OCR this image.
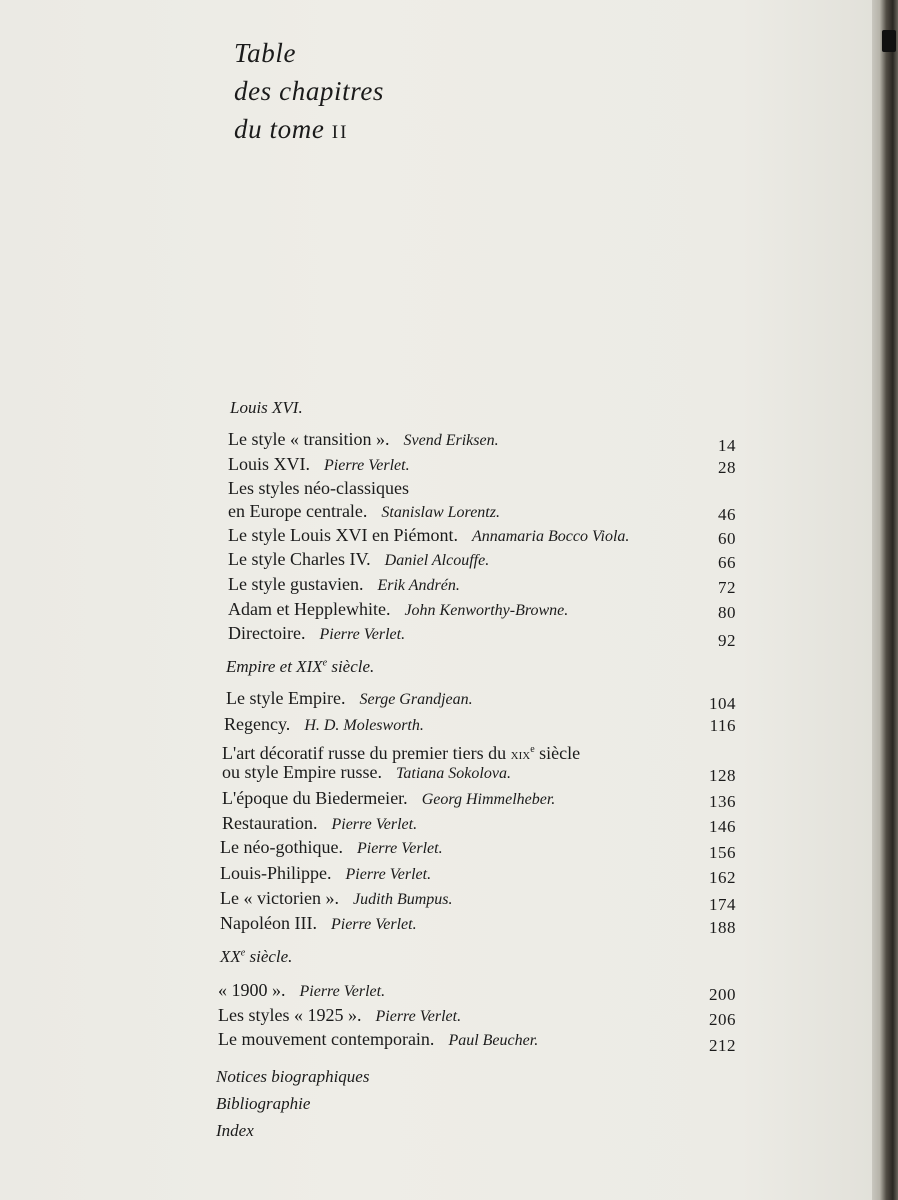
Table
des chapitres
du tome II
Louis XVI.
Le style « transition ». Svend Eriksen.	14
Louis XVI. Pierre Verlet.	28
Les styles néo-classiques
en Europe centrale. Stanislaw Lorentz.	46
Le style Louis XVI en Piémont. Annamaria Bocco Viola.	60
Le style Charles IV. Daniel Alcouffe.	66
Le style gustavien. Erik Andrén.	72
Adam et Hepplewhite. John Kenworthy-Browne.	80
Directoire. Pierre Verlet.	92
Empire et XIXe siècle.
Le style Empire. Serge Grandjean.	104
Regency. H. D. Molesworth.	116
L'art décoratif russe du premier tiers du xix$^e$ siècle
ou style Empire russe. Tatiana Sokolova.	128
L'époque du Biedermeier. Georg Himmelheber.	136
Restauration. Pierre Verlet.	146
Le néo-gothique. Pierre Verlet.	156
Louis-Philippe. Pierre Verlet.	162
Le « victorien ». Judith Bumpus.	174
Napoléon III. Pierre Verlet.	188
XXe siècle.
« 1900 ». Pierre Verlet.	200
Les styles « 1925 ». Pierre Verlet.	206
Le mouvement contemporain. Paul Beucher.	212
Notices biographiques
Bibliographie
Index
